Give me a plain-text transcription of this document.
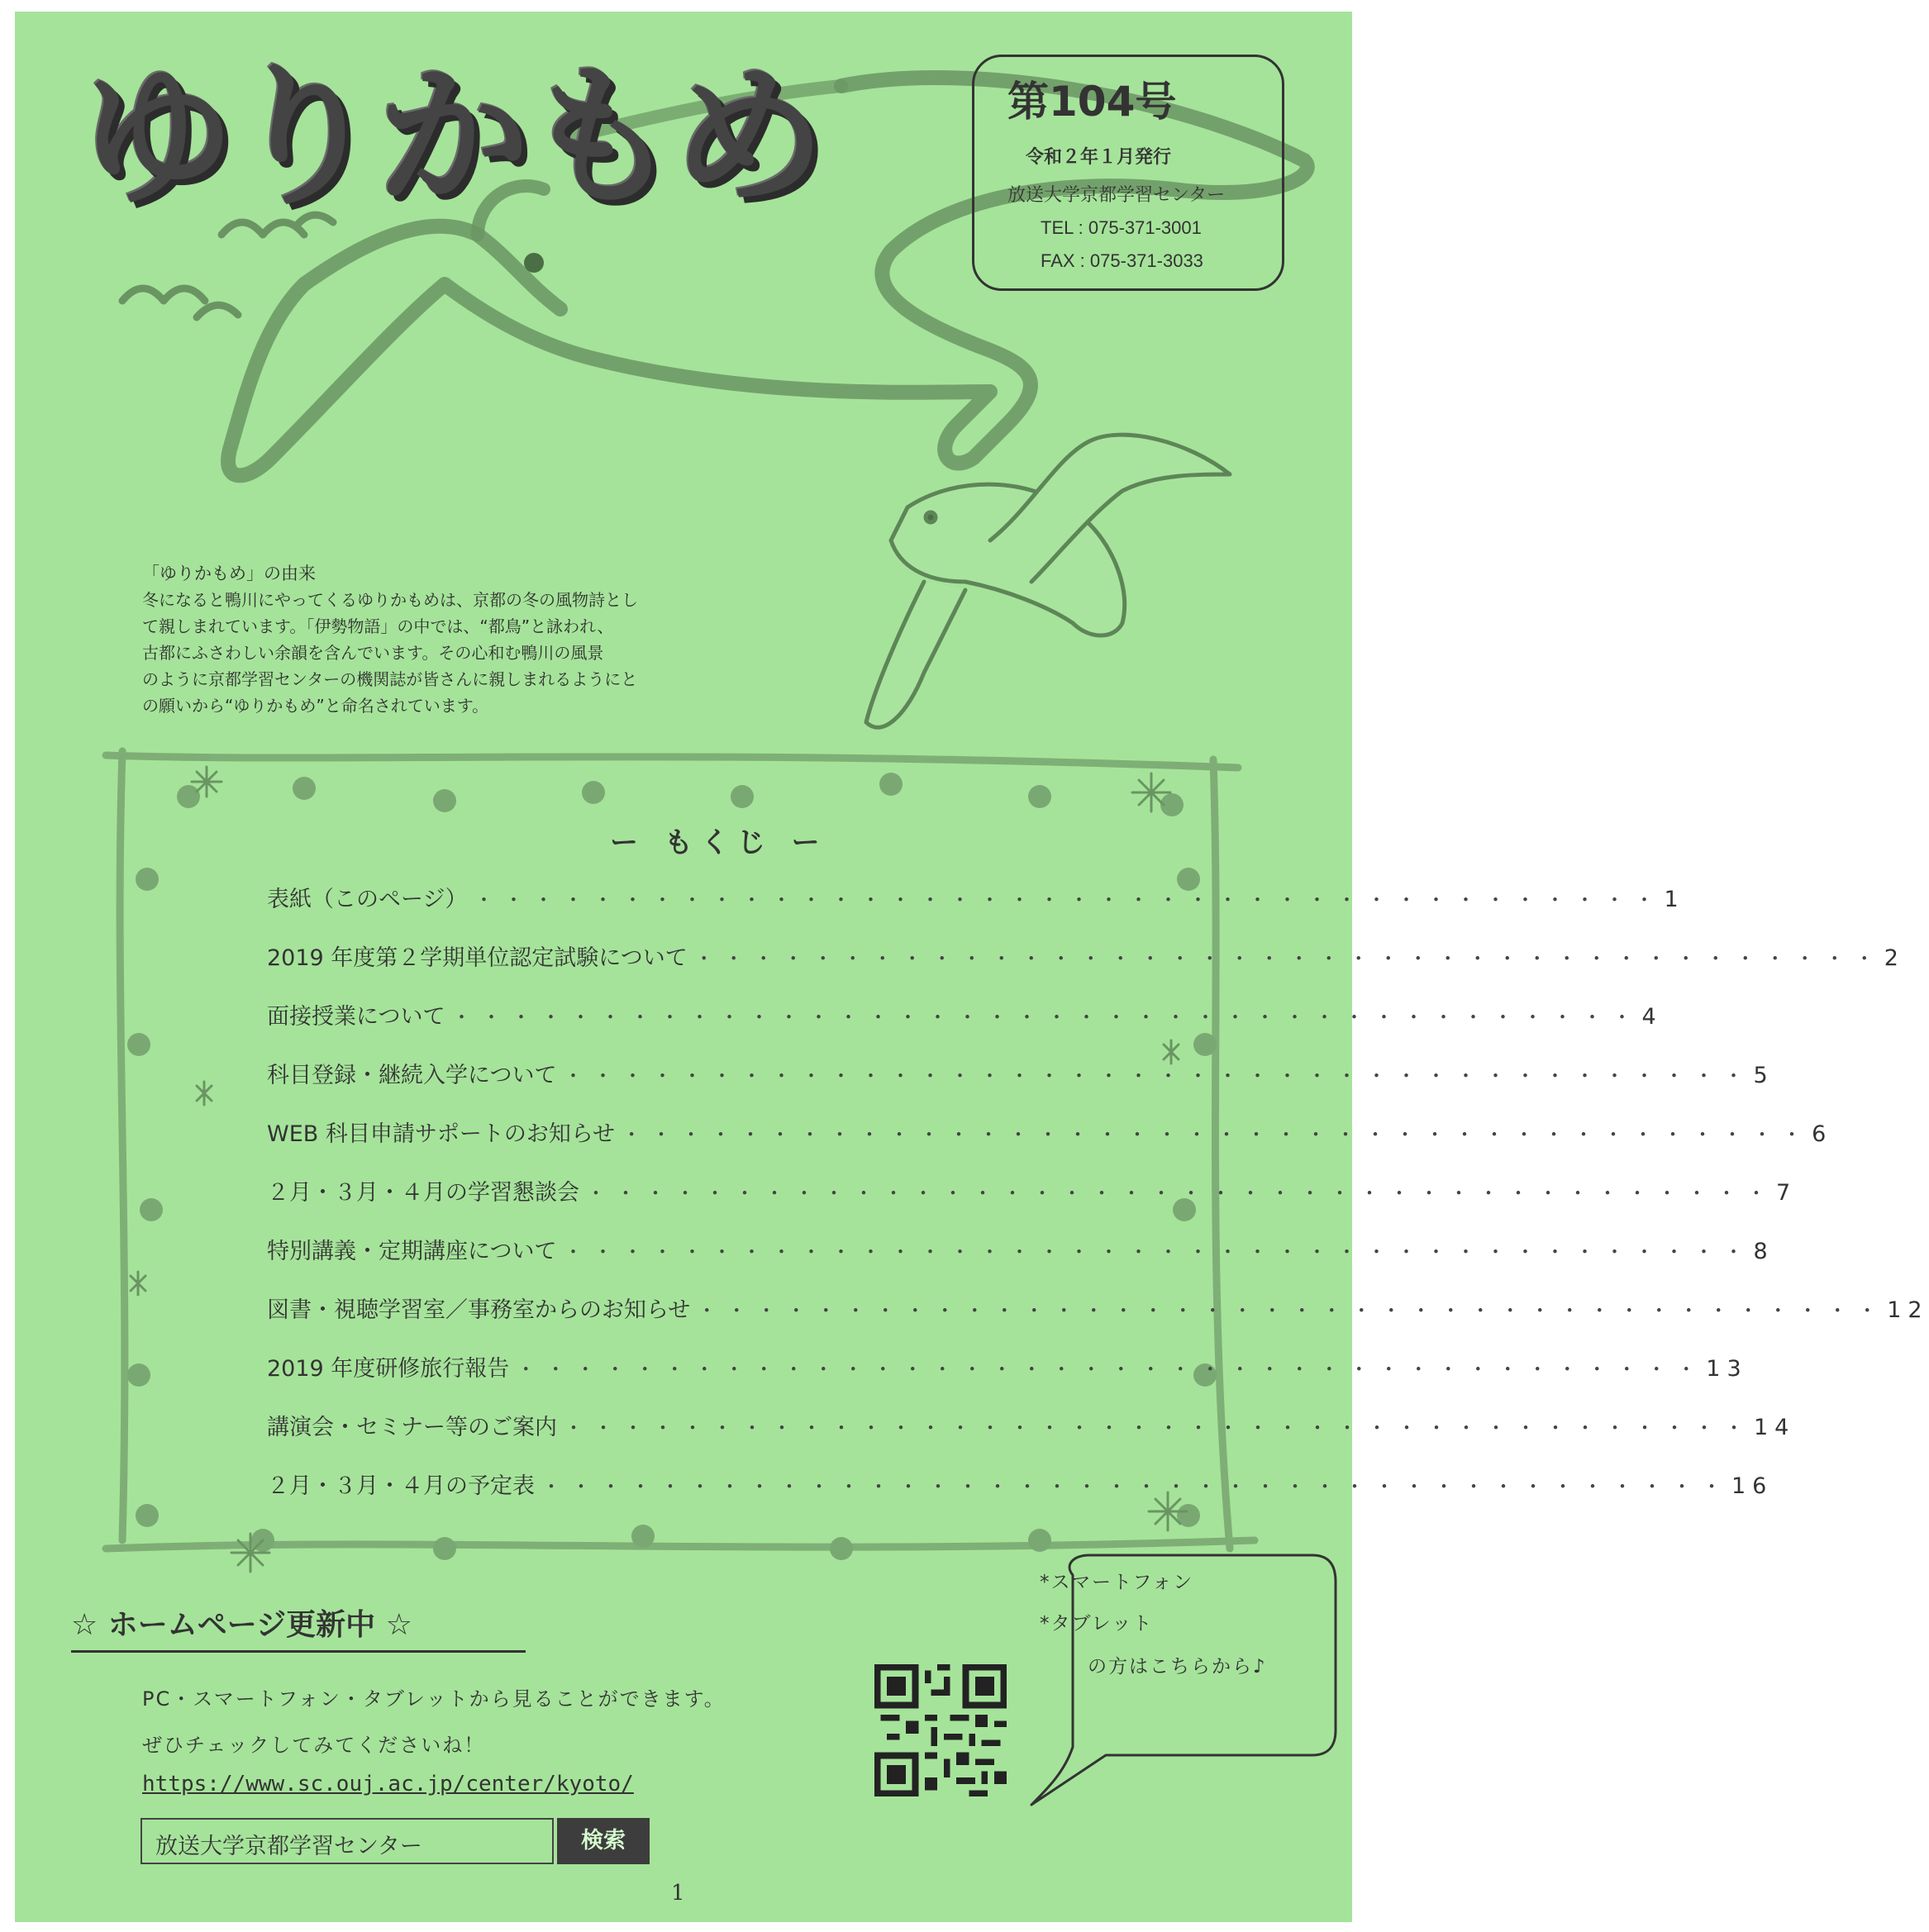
ゆりかもめ	第104号
令和２年１月発行
放送大学京都学習センター
TEL : 075-371-3001
FAX : 075-371-3033
「ゆりかもめ」の由来
冬になると鴨川にやってくるゆりかもめは、京都の冬の風物詩とし
て親しまれています。「伊勢物語」の中では、“都鳥”と詠われ、
古都にふさわしい余韻を含んでいます。その心和む鴨川の風景
のように京都学習センターの機関誌が皆さんに親しまれるようにと
の願いから“ゆりかもめ”と命名されています。
ー もくじ ー
表紙（このページ） ・・・・・・・・・・・・・・・・・・・・・・・・・・・・・・・・・・・・・・・・ 1
2019 年度第２学期単位認定試験について ・・・・・・・・・・・・・・・・・・・・・・・・・・・・・・・・・・・・・・・・ 2
面接授業について ・・・・・・・・・・・・・・・・・・・・・・・・・・・・・・・・・・・・・・・・ 4
科目登録・継続入学について ・・・・・・・・・・・・・・・・・・・・・・・・・・・・・・・・・・・・・・・・ 5
WEB 科目申請サポートのお知らせ ・・・・・・・・・・・・・・・・・・・・・・・・・・・・・・・・・・・・・・・・ 6
２月・３月・４月の学習懇談会 ・・・・・・・・・・・・・・・・・・・・・・・・・・・・・・・・・・・・・・・・ 7
特別講義・定期講座について ・・・・・・・・・・・・・・・・・・・・・・・・・・・・・・・・・・・・・・・・ 8
図書・視聴学習室／事務室からのお知らせ ・・・・・・・・・・・・・・・・・・・・・・・・・・・・・・・・・・・・・・・・ 12
2019 年度研修旅行報告 ・・・・・・・・・・・・・・・・・・・・・・・・・・・・・・・・・・・・・・・・ 13
講演会・セミナー等のご案内 ・・・・・・・・・・・・・・・・・・・・・・・・・・・・・・・・・・・・・・・・ 14
２月・３月・４月の予定表 ・・・・・・・・・・・・・・・・・・・・・・・・・・・・・・・・・・・・・・・・ 16
☆ ホームページ更新中 ☆
PC・スマートフォン・タブレットから見ることができます。
ぜひチェックしてみてくださいね！
https://www.sc.ouj.ac.jp/center/kyoto/
放送大学京都学習センター	検索
*スマートフォン
*タブレット
の方はこちらから♪
1
